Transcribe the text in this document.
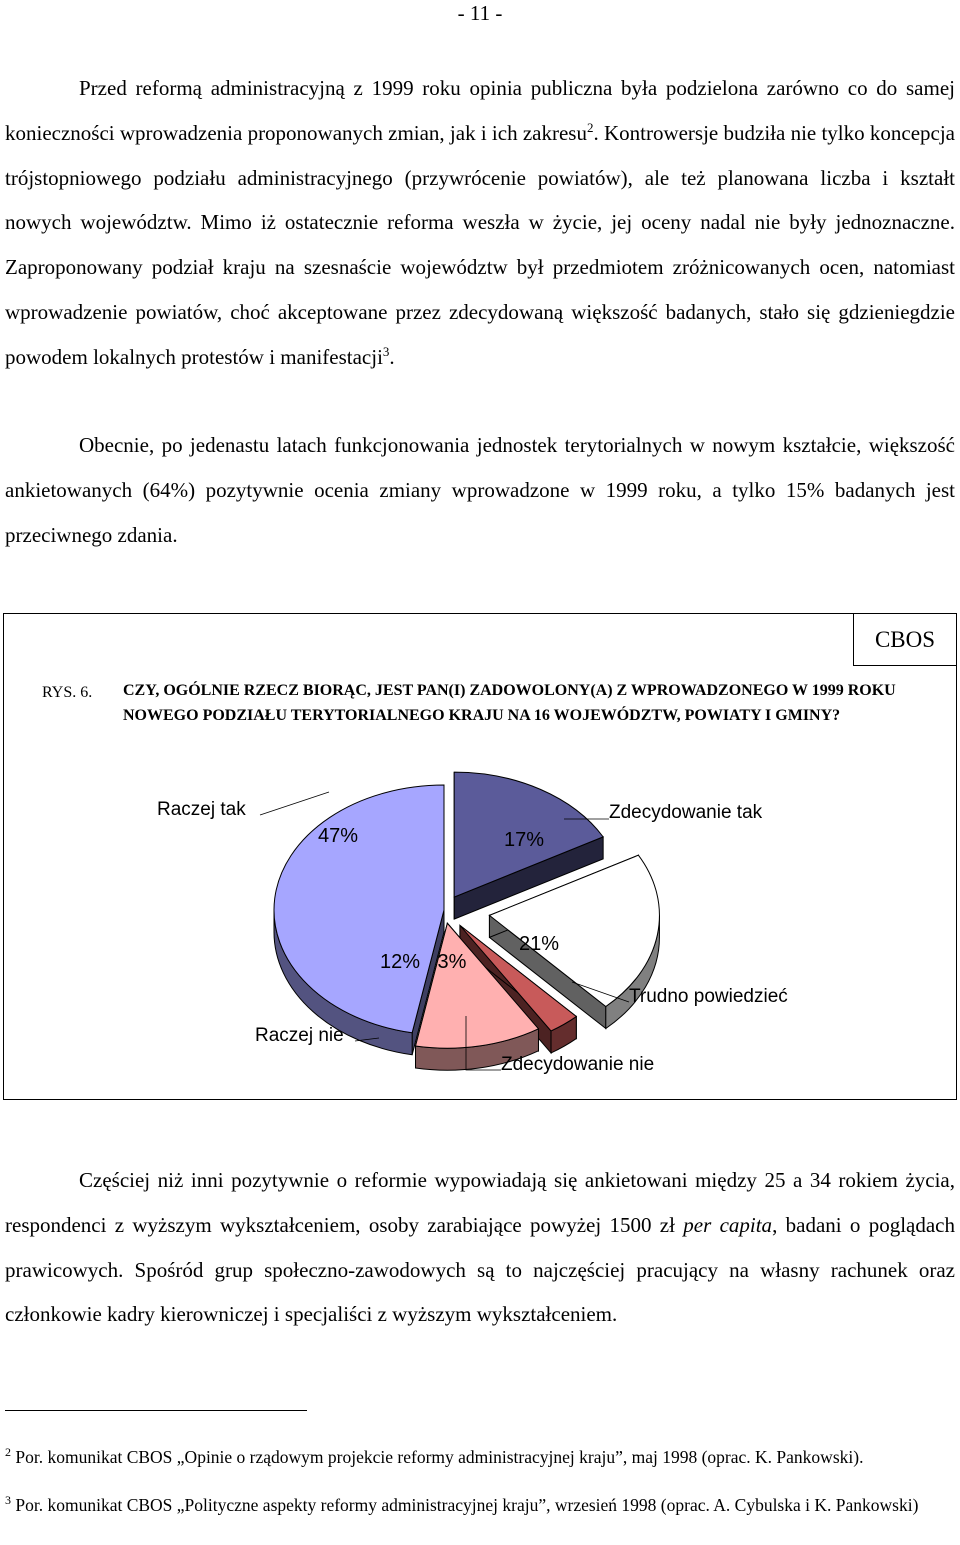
- 11 -

Przed reformą administracyjną z 1999 roku opinia publiczna była podzielona zarówno co do samej konieczności wprowadzenia proponowanych zmian, jak i ich zakresu$^2$. Kontrowersje budziła nie tylko koncepcja trójstopniowego podziału administracyjnego (przywrócenie powiatów), ale też planowana liczba i kształt nowych województw. Mimo iż ostatecznie reforma weszła w życie, jej oceny nadal nie były jednoznaczne. Zaproponowany podział kraju na szesnaście województw był przedmiotem zróżnicowanych ocen, natomiast wprowadzenie powiatów, choć akceptowane przez zdecydowaną większość badanych, stało się gdzieniegdzie powodem lokalnych protestów i manifestacji$^3$.

Obecnie, po jedenastu latach funkcjonowania jednostek terytorialnych w nowym kształcie, większość ankietowanych (64%) pozytywnie ocenia zmiany wprowadzone w 1999 roku, a tylko 15% badanych jest przeciwnego zdania.

CBOS
RYS. 6. CZY, OGÓLNIE RZECZ BIORĄC, JEST PAN(I) ZADOWOLONY(A) Z WPROWADZONEGO W 1999 ROKU NOWEGO PODZIAŁU TERYTORIALNEGO KRAJU NA 16 WOJEWÓDZTW, POWIATY I GMINY?

Zdecydowanie tak
17%
Trudno powiedzieć
21%
Zdecydowanie nie
3%
Raczej nie
12%
Raczej tak
47%

Częściej niż inni pozytywnie o reformie wypowiadają się ankietowani między 25 a 34 rokiem życia, respondenci z wyższym wykształceniem, osoby zarabiające powyżej 1500 zł per capita, badani o poglądach prawicowych. Spośród grup społeczno-zawodowych są to najczęściej pracujący na własny rachunek oraz członkowie kadry kierowniczej i specjaliści z wyższym wykształceniem.

$^2$ Por. komunikat CBOS „Opinie o rządowym projekcie reformy administracyjnej kraju”, maj 1998 (oprac. K. Pankowski).

$^3$ Por. komunikat CBOS „Polityczne aspekty reformy administracyjnej kraju”, wrzesień 1998 (oprac. A. Cybulska i K. Pankowski)
